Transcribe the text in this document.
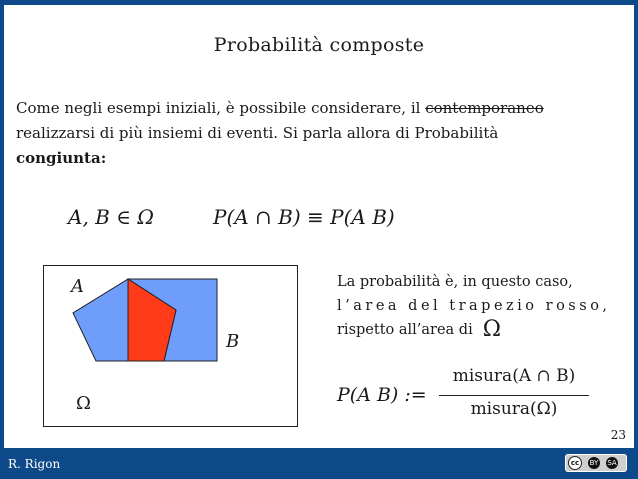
Probabilità composte
Come negli esempi iniziali, è possibile considerare, il contemporaneo
realizzarsi di più insiemi di eventi. Si parla allora di Probabilità
congiunta:
A, B ∈ Ω	P(A ∩ B) ≡ P(A B)
A
B
Ω
La probabilità è, in questo caso,
l’area del trapezio rosso,
rispetto all’area di Ω
P(A B) :=
misura(A ∩ B)
misura(Ω)
23
R. Rigon	cc	BY SA
